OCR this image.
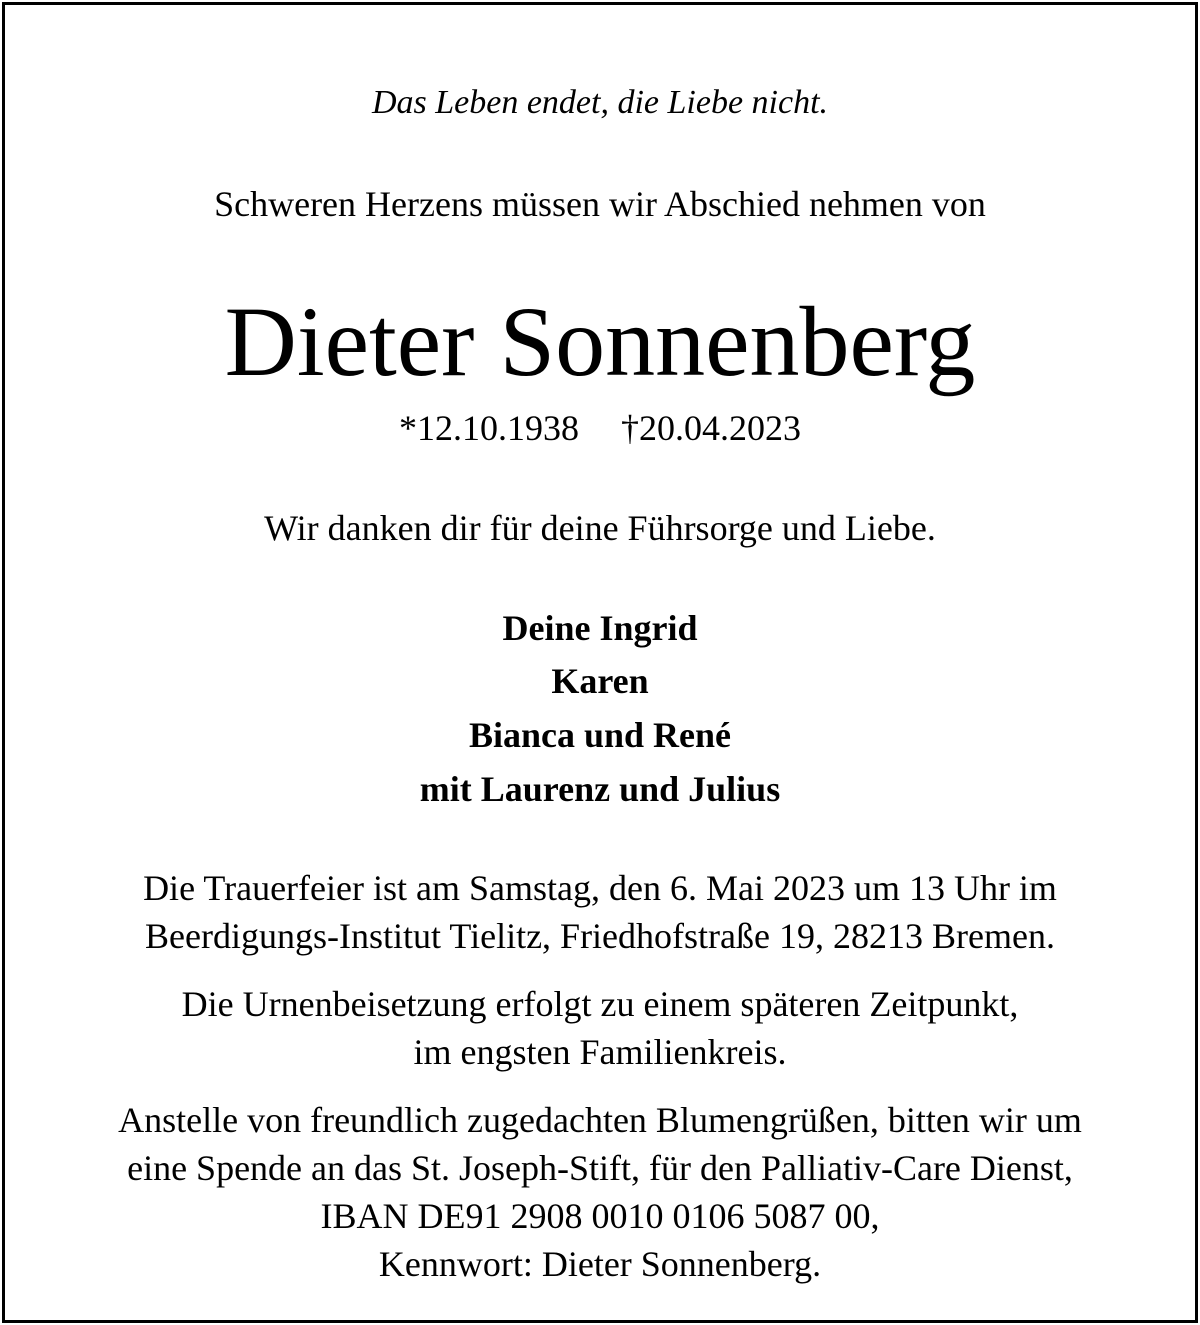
Das Leben endet, die Liebe nicht.
Schweren Herzens müssen wir Abschied nehmen von
Dieter Sonnenberg
*12.10.1938 †20.04.2023
Wir danken dir für deine Führsorge und Liebe.
Deine Ingrid
Karen
Bianca und René
mit Laurenz und Julius
Die Trauerfeier ist am Samstag, den 6. Mai 2023 um 13 Uhr im
Beerdigungs-Institut Tielitz, Friedhofstraße 19, 28213 Bremen.
Die Urnenbeisetzung erfolgt zu einem späteren Zeitpunkt,
im engsten Familienkreis.
Anstelle von freundlich zugedachten Blumengrüßen, bitten wir um
eine Spende an das St. Joseph-Stift, für den Palliativ-Care Dienst,
IBAN DE91 2908 0010 0106 5087 00,
Kennwort: Dieter Sonnenberg.
